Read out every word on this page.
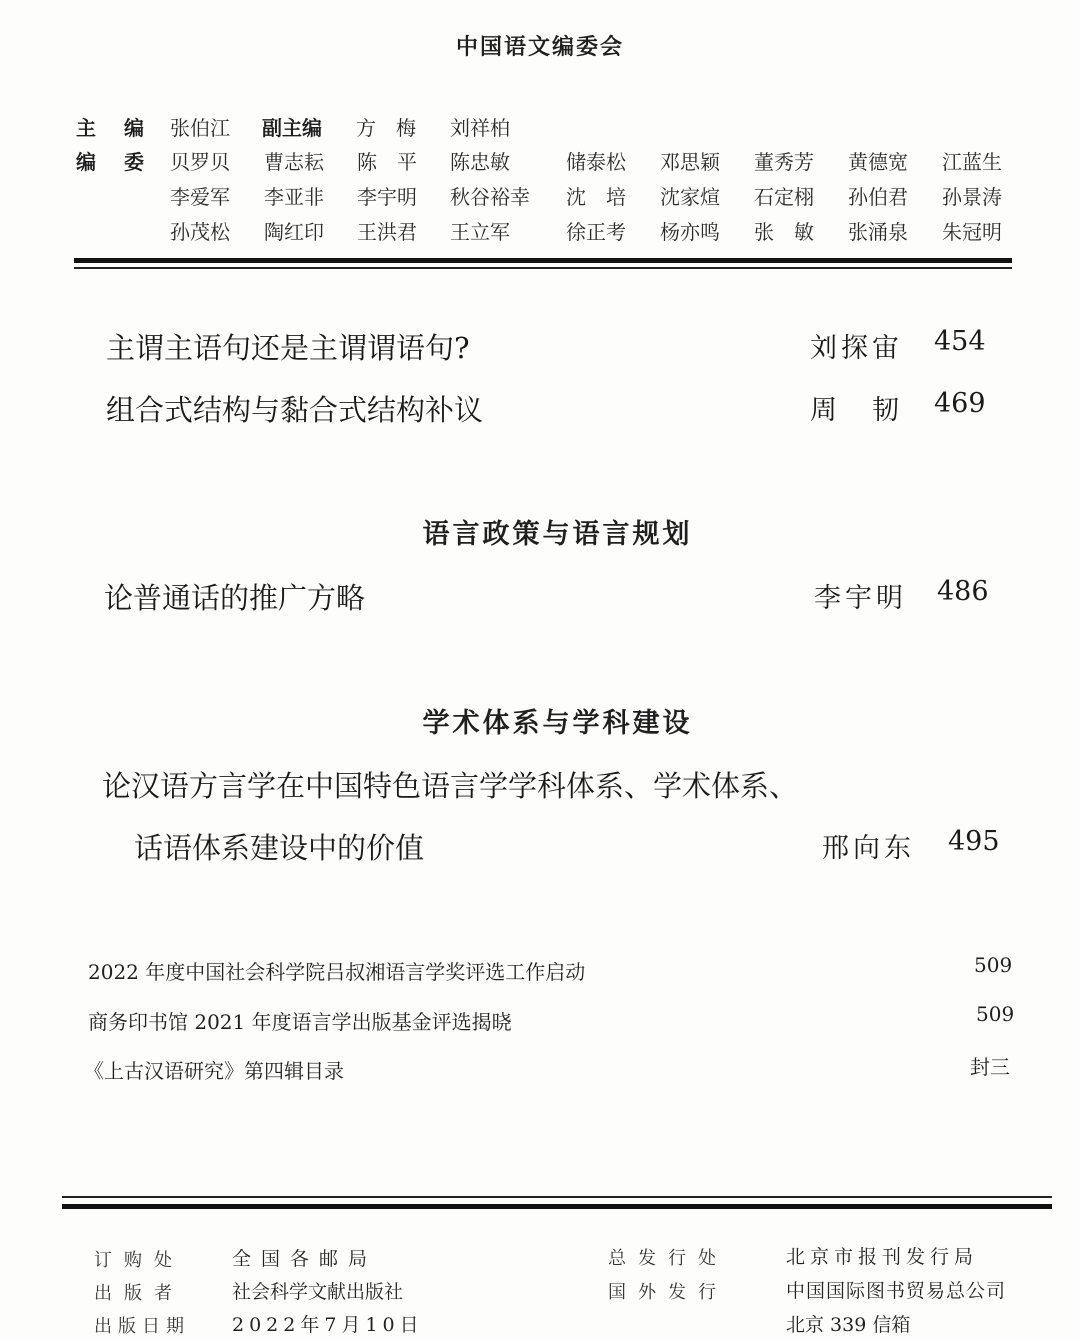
中国语文编委会
主　编 张伯江 副主编 方　梅 刘祥柏
编　委 贝罗贝 曹志耘 陈　平 陈忠敏	储泰松 邓思颖 董秀芳 黄德宽 江蓝生
李爱军 李亚非 李宇明 秋谷裕幸 沈　培 沈家煊 石定栩 孙伯君 孙景涛
孙茂松 陶红印 王洪君 王立军	徐正考 杨亦鸣 张　敏 张涌泉 朱冠明
主谓主语句还是主谓谓语句?	刘探宙 454
组合式结构与黏合式结构补议	周　韧 469
语言政策与语言规划
论普通话的推广方略	李宇明 486
学术体系与学科建设
论汉语方言学在中国特色语言学学科体系、学术体系、
话语体系建设中的价值	邢向东 495
2022 年度中国社会科学院吕叔湘语言学奖评选工作启动	509
商务印书馆 2021 年度语言学出版基金评选揭晓	509
《上古汉语研究》第四辑目录	封三
订购处	全国各邮局
出版者	社会科学文献出版社
出版日期 2022年7月10日
总发行处	北京市报刊发行局
国外发行	中国国际图书贸易总公司
北京 339 信箱
